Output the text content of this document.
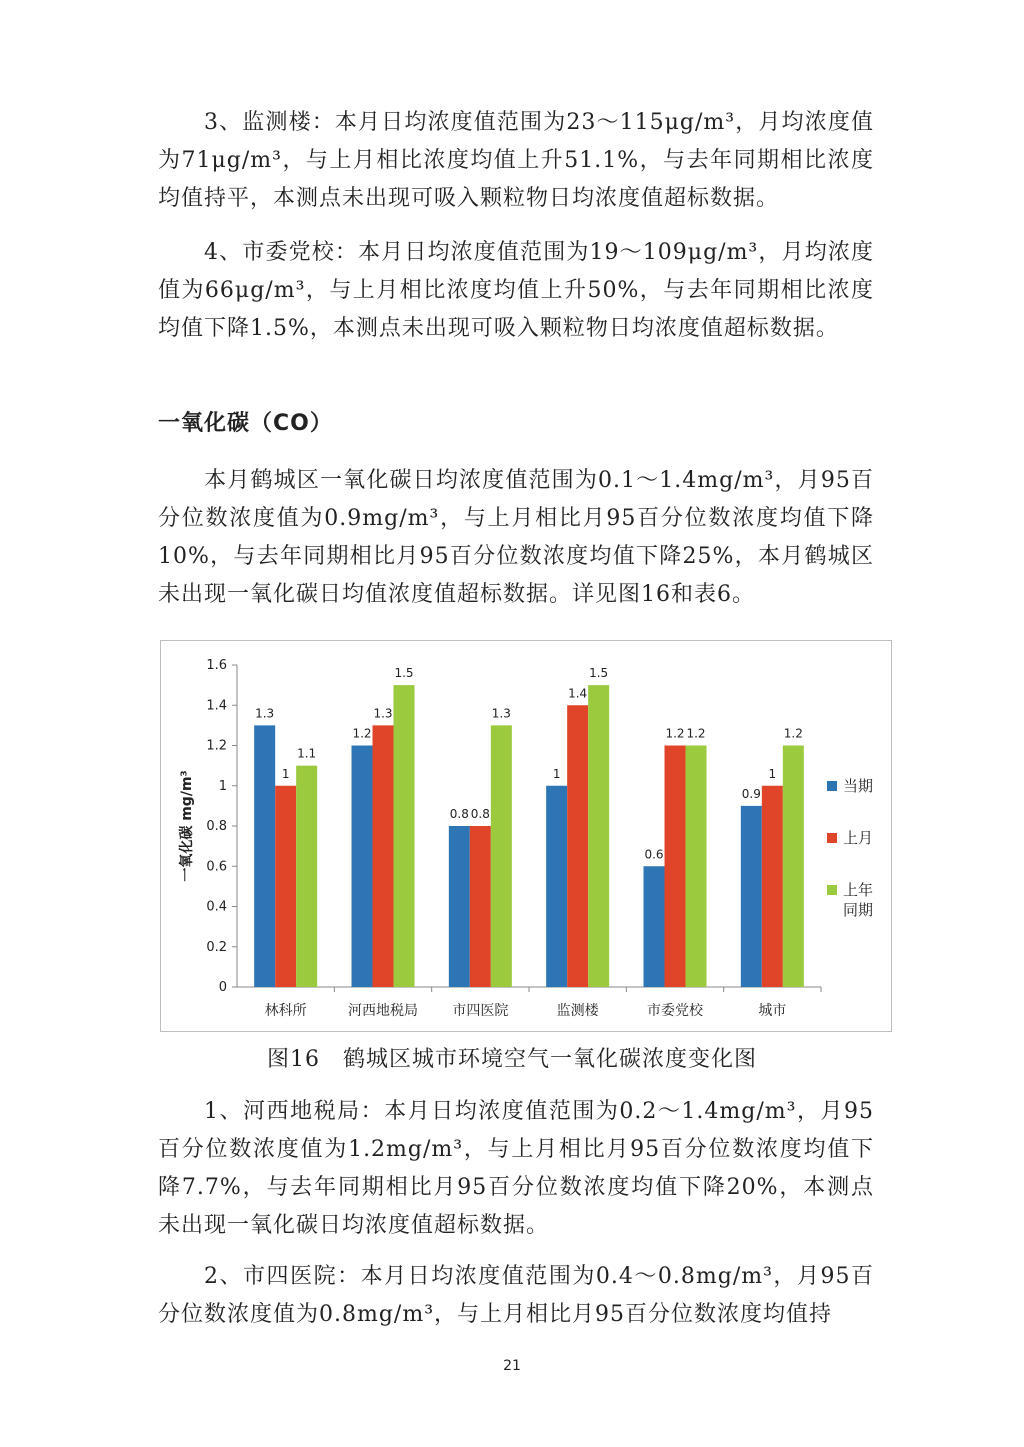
3、监测楼：本月日均浓度值范围为23～115μg/m³，月均浓度值为71μg/m³，与上月相比浓度均值上升51.1%，与去年同期相比浓度均值持平，本测点未出现可吸入颗粒物日均浓度值超标数据。

4、市委党校：本月日均浓度值范围为19～109μg/m³，月均浓度值为66μg/m³，与上月相比浓度均值上升50%，与去年同期相比浓度均值下降1.5%，本测点未出现可吸入颗粒物日均浓度值超标数据。

一氧化碳（CO）

本月鹤城区一氧化碳日均浓度值范围为0.1～1.4mg/m³，月95百分位数浓度值为0.9mg/m³，与上月相比月95百分位数浓度均值下降10%，与去年同期相比月95百分位数浓度均值下降25%，本月鹤城区未出现一氧化碳日均值浓度值超标数据。详见图16和表6。

0
0.2
0.4
0.6
0.8
1
1.2
1.4
1.6
一氧化碳 mg/m³
1.3
1
1.1
林科所
1.2
1.3
1.5
河西地税局
0.8 0.8
1.3
市四医院
1
1.4
1.5
监测楼
0.6
1.2 1.2
市委党校
0.9
1
1.2
城市
当期
上月
上年
同期

图16　鹤城区城市环境空气一氧化碳浓度变化图

1、河西地税局：本月日均浓度值范围为0.2～1.4mg/m³，月95百分位数浓度值为1.2mg/m³，与上月相比月95百分位数浓度均值下降7.7%，与去年同期相比月95百分位数浓度均值下降20%，本测点未出现一氧化碳日均浓度值超标数据。

2、市四医院：本月日均浓度值范围为0.4～0.8mg/m³，月95百分位数浓度值为0.8mg/m³，与上月相比月95百分位数浓度均值持

21
